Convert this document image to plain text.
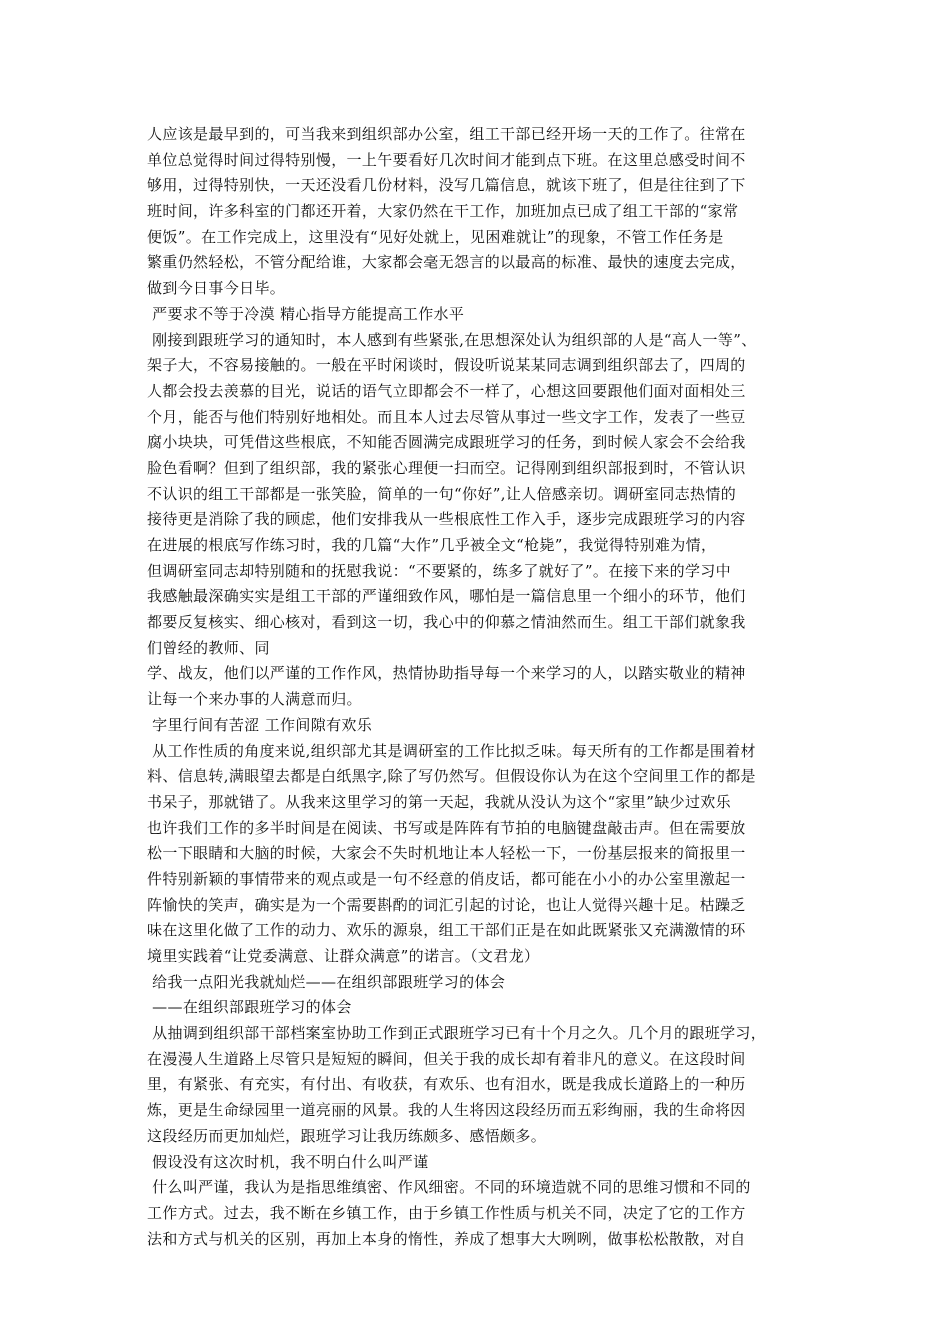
人应该是最早到的，可当我来到组织部办公室，组工干部已经开场一天的工作了。往常在
单位总觉得时间过得特别慢，一上午要看好几次时间才能到点下班。在这里总感受时间不
够用，过得特别快，一天还没看几份材料，没写几篇信息，就该下班了，但是往往到了下
班时间，许多科室的门都还开着，大家仍然在干工作，加班加点已成了组工干部的“家常
便饭”。在工作完成上，这里没有“见好处就上，见困难就让”的现象，不管工作任务是
繁重仍然轻松，不管分配给谁，大家都会毫无怨言的以最高的标准、最快的速度去完成，
做到今日事今日毕。
严要求不等于冷漠 精心指导方能提高工作水平
刚接到跟班学习的通知时，本人感到有些紧张,在思想深处认为组织部的人是“高人一等”、
架子大，不容易接触的。一般在平时闲谈时，假设听说某某同志调到组织部去了，四周的
人都会投去羡慕的目光，说话的语气立即都会不一样了，心想这回要跟他们面对面相处三
个月，能否与他们特别好地相处。而且本人过去尽管从事过一些文字工作，发表了一些豆
腐小块块，可凭借这些根底，不知能否圆满完成跟班学习的任务，到时候人家会不会给我
脸色看啊？但到了组织部，我的紧张心理便一扫而空。记得刚到组织部报到时，不管认识
不认识的组工干部都是一张笑脸，简单的一句“你好”,让人倍感亲切。调研室同志热情的
接待更是消除了我的顾虑，他们安排我从一些根底性工作入手，逐步完成跟班学习的内容
在进展的根底写作练习时，我的几篇“大作”几乎被全文“枪毙”，我觉得特别难为情，
但调研室同志却特别随和的抚慰我说：“不要紧的，练多了就好了”。在接下来的学习中
我感触最深确实实是组工干部的严谨细致作风，哪怕是一篇信息里一个细小的环节，他们
都要反复核实、细心核对，看到这一切，我心中的仰慕之情油然而生。组工干部们就象我
们曾经的教师、同
学、战友，他们以严谨的工作作风，热情协助指导每一个来学习的人，以踏实敬业的精神
让每一个来办事的人满意而归。
字里行间有苦涩 工作间隙有欢乐
从工作性质的角度来说,组织部尤其是调研室的工作比拟乏味。每天所有的工作都是围着材
料、信息转,满眼望去都是白纸黑字,除了写仍然写。但假设你认为在这个空间里工作的都是
书呆子，那就错了。从我来这里学习的第一天起，我就从没认为这个“家里”缺少过欢乐
也许我们工作的多半时间是在阅读、书写或是阵阵有节拍的电脑键盘敲击声。但在需要放
松一下眼睛和大脑的时候，大家会不失时机地让本人轻松一下，一份基层报来的简报里一
件特别新颖的事情带来的观点或是一句不经意的俏皮话，都可能在小小的办公室里激起一
阵愉快的笑声，确实是为一个需要斟酌的词汇引起的讨论，也让人觉得兴趣十足。枯躁乏
味在这里化做了工作的动力、欢乐的源泉，组工干部们正是在如此既紧张又充满激情的环
境里实践着“让党委满意、让群众满意”的诺言。（文君龙）
给我一点阳光我就灿烂——在组织部跟班学习的体会
——在组织部跟班学习的体会
从抽调到组织部干部档案室协助工作到正式跟班学习已有十个月之久。几个月的跟班学习，
在漫漫人生道路上尽管只是短短的瞬间，但关于我的成长却有着非凡的意义。在这段时间
里，有紧张、有充实，有付出、有收获，有欢乐、也有泪水，既是我成长道路上的一种历
炼，更是生命绿园里一道亮丽的风景。我的人生将因这段经历而五彩绚丽，我的生命将因
这段经历而更加灿烂，跟班学习让我历练颇多、感悟颇多。
假设没有这次时机，我不明白什么叫严谨
什么叫严谨，我认为是指思维缜密、作风细密。不同的环境造就不同的思维习惯和不同的
工作方式。过去，我不断在乡镇工作，由于乡镇工作性质与机关不同，决定了它的工作方
法和方式与机关的区别，再加上本身的惰性，养成了想事大大咧咧，做事松松散散，对自
